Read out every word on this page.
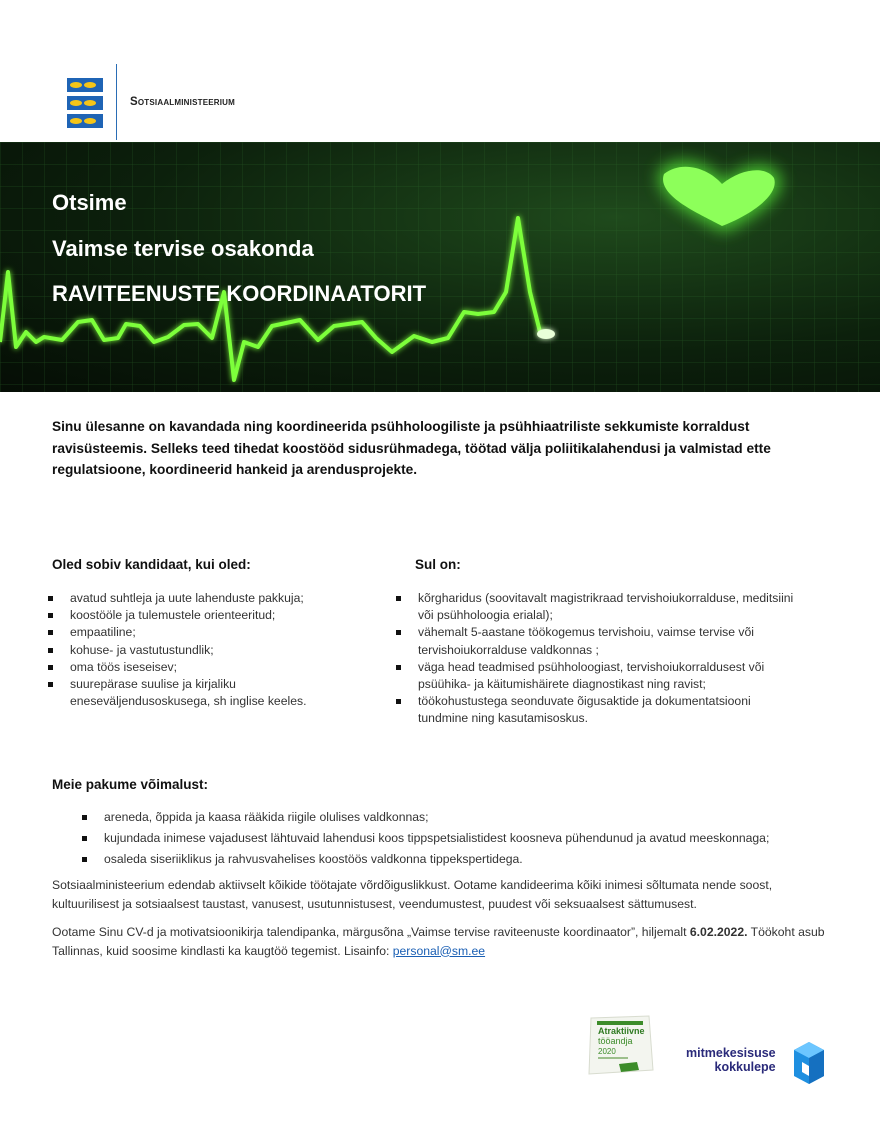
Sotsiaalministeerium
Otsime
Vaimse tervise osakonda
RAVITEENUSTE KOORDINAATORIT

Sinu ülesanne on kavandada ning koordineerida psühholoogiliste ja psühhiaatriliste sekkumiste korraldust ravisüsteemis. Selleks teed tihedat koostööd sidusrühmadega, töötad välja poliitikalahendusi ja valmistad ette regulatsioone, koordineerid hankeid ja arendusprojekte.

Oled sobiv kandidaat, kui oled:
avatud suhtleja ja uute lahenduste pakkuja;
koostööle ja tulemustele orienteeritud;
empaatiline;
kohuse- ja vastutustundlik;
oma töös iseseisev;
suurepärase suulise ja kirjaliku eneseväljendusoskusega, sh inglise keeles.
Sul on:
kõrgharidus (soovitavalt magistrikraad tervishoiukorralduse, meditsiini või psühholoogia erialal);
vähemalt 5-aastane töökogemus tervishoiu, vaimse tervise või tervishoiukorralduse valdkonnas ;
väga head teadmised psühholoogiast, tervishoiukorraldusest või psüühika- ja käitumishäirete diagnostikast ning ravist;
töökohustustega seonduvate õigusaktide ja dokumentatsiooni tundmine ning kasutamisoskus.
Meie pakume võimalust:
areneda, õppida ja kaasa rääkida riigile olulises valdkonnas;
kujundada inimese vajadusest lähtuvaid lahendusi koos tippspetsialistidest koosneva pühendunud ja avatud meeskonnaga;
osaleda siseriiklikus ja rahvusvahelises koostöös valdkonna tippekspertidega.

Sotsiaalministeerium edendab aktiivselt kõikide töötajate võrdõiguslikkust. Ootame kandideerima kõiki inimesi sõltumata nende soost, kultuurilisest ja sotsiaalsest taustast, vanusest, usutunnistusest, veendumustest, puudest või seksuaalsest sättumusest.

Ootame Sinu CV-d ja motivatsioonikirja talendipanka, märgusõna „Vaimse tervise raviteenuste koordinaator”, hiljemalt 6.02.2022. Töökoht asub Tallinnas, kuid soosime kindlasti ka kaugtöö tegemist. Lisainfo: personal@sm.ee

Atraktiivne
tööandja
2020	mitmekesisuse
kokkulepe
